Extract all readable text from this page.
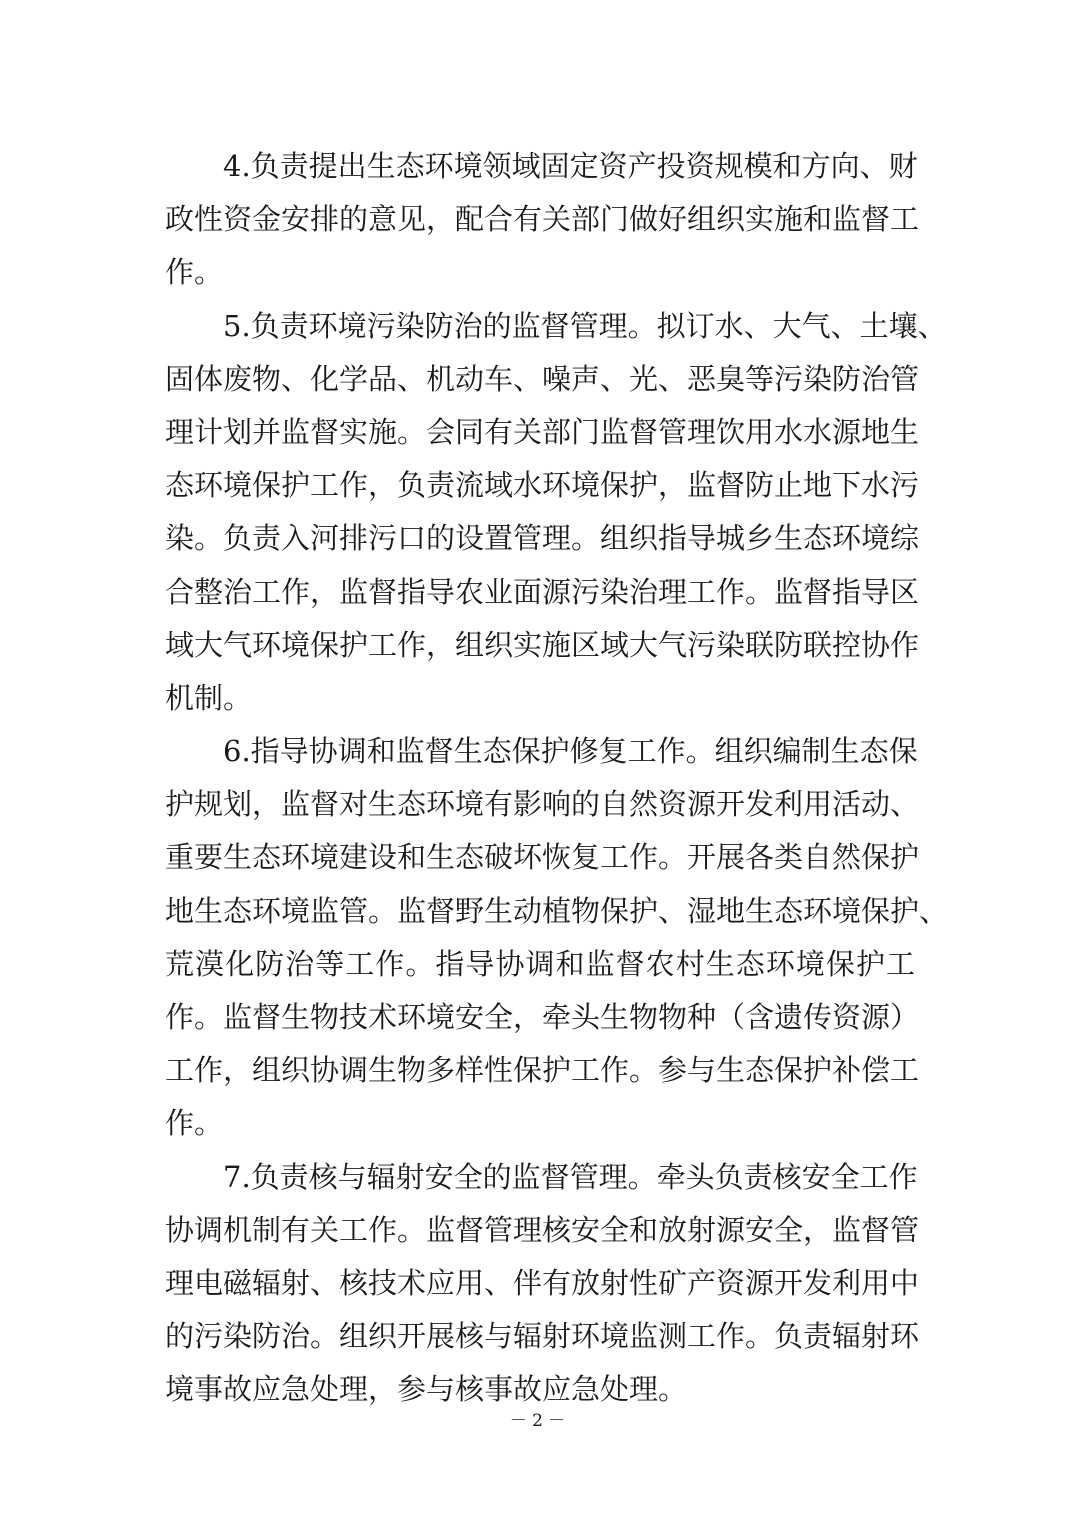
4.负责提出生态环境领域固定资产投资规模和方向、财
政性资金安排的意见，配合有关部门做好组织实施和监督工
作。
5.负责环境污染防治的监督管理。拟订水、大气、土壤、
固体废物、化学品、机动车、噪声、光、恶臭等污染防治管
理计划并监督实施。会同有关部门监督管理饮用水水源地生
态环境保护工作，负责流域水环境保护，监督防止地下水污
染。负责入河排污口的设置管理。组织指导城乡生态环境综
合整治工作，监督指导农业面源污染治理工作。监督指导区
域大气环境保护工作，组织实施区域大气污染联防联控协作
机制。
6.指导协调和监督生态保护修复工作。组织编制生态保
护规划，监督对生态环境有影响的自然资源开发利用活动、
重要生态环境建设和生态破坏恢复工作。开展各类自然保护
地生态环境监管。监督野生动植物保护、湿地生态环境保护、
荒漠化防治等工作。指导协调和监督农村生态环境保护工
作。监督生物技术环境安全，牵头生物物种（含遗传资源）
工作，组织协调生物多样性保护工作。参与生态保护补偿工
作。
7.负责核与辐射安全的监督管理。牵头负责核安全工作
协调机制有关工作。监督管理核安全和放射源安全，监督管
理电磁辐射、核技术应用、伴有放射性矿产资源开发利用中
的污染防治。组织开展核与辐射环境监测工作。负责辐射环
境事故应急处理，参与核事故应急处理。
－ 2 －
